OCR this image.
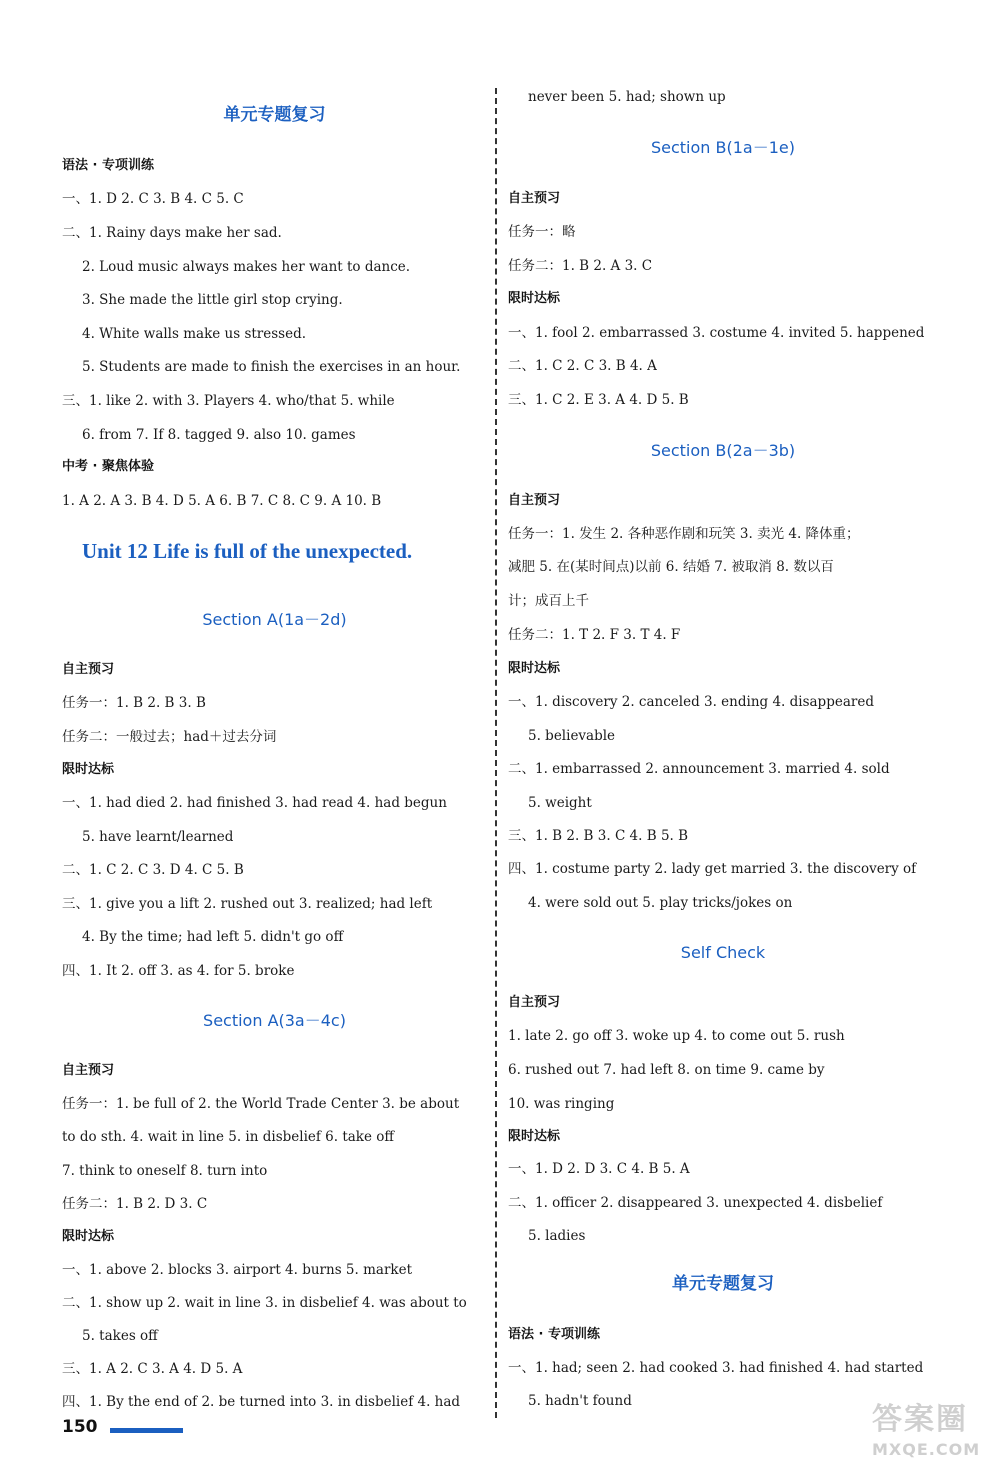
单元专题复习
语法 · 专项训练
一、1. D 2. C 3. B 4. C 5. C
二、1. Rainy days make her sad.
2. Loud music always makes her want to dance.
3. She made the little girl stop crying.
4. White walls make us stressed.
5. Students are made to finish the exercises in an hour.
三、1. like 2. with 3. Players 4. who/that 5. while
6. from 7. If 8. tagged 9. also 10. games
中考 · 聚焦体验
1. A 2. A 3. B 4. D 5. A 6. B 7. C 8. C 9. A 10. B
Unit 12 Life is full of the unexpected.
Section A(1a－2d)
自主预习
任务一：1. B 2. B 3. B
任务二：一般过去；had＋过去分词
限时达标
一、1. had died 2. had finished 3. had read 4. had begun
5. have learnt/learned
二、1. C 2. C 3. D 4. C 5. B
三、1. give you a lift 2. rushed out 3. realized; had left
4. By the time; had left 5. didn't go off
四、1. It 2. off 3. as 4. for 5. broke
Section A(3a－4c)
自主预习
任务一：1. be full of 2. the World Trade Center 3. be about
to do sth. 4. wait in line 5. in disbelief 6. take off
7. think to oneself 8. turn into
任务二：1. B 2. D 3. C
限时达标
一、1. above 2. blocks 3. airport 4. burns 5. market
二、1. show up 2. wait in line 3. in disbelief 4. was about to
5. takes off
三、1. A 2. C 3. A 4. D 5. A
四、1. By the end of 2. be turned into 3. in disbelief 4. had
never been 5. had; shown up
Section B(1a－1e)
自主预习
任务一：略
任务二：1. B 2. A 3. C
限时达标
一、1. fool 2. embarrassed 3. costume 4. invited 5. happened
二、1. C 2. C 3. B 4. A
三、1. C 2. E 3. A 4. D 5. B
Section B(2a－3b)
自主预习
任务一：1. 发生 2. 各种恶作剧和玩笑 3. 卖光 4. 降体重；
减肥 5. 在(某时间点)以前 6. 结婚 7. 被取消 8. 数以百
计；成百上千
任务二：1. T 2. F 3. T 4. F
限时达标
一、1. discovery 2. canceled 3. ending 4. disappeared
5. believable
二、1. embarrassed 2. announcement 3. married 4. sold
5. weight
三、1. B 2. B 3. C 4. B 5. B
四、1. costume party 2. lady get married 3. the discovery of
4. were sold out 5. play tricks/jokes on
Self Check
自主预习
1. late 2. go off 3. woke up 4. to come out 5. rush
6. rushed out 7. had left 8. on time 9. came by
10. was ringing
限时达标
一、1. D 2. D 3. C 4. B 5. A
二、1. officer 2. disappeared 3. unexpected 4. disbelief
5. ladies
单元专题复习
语法 · 专项训练
一、1. had; seen 2. had cooked 3. had finished 4. had started
5. hadn't found
150	答案圈
MXQE.COM
